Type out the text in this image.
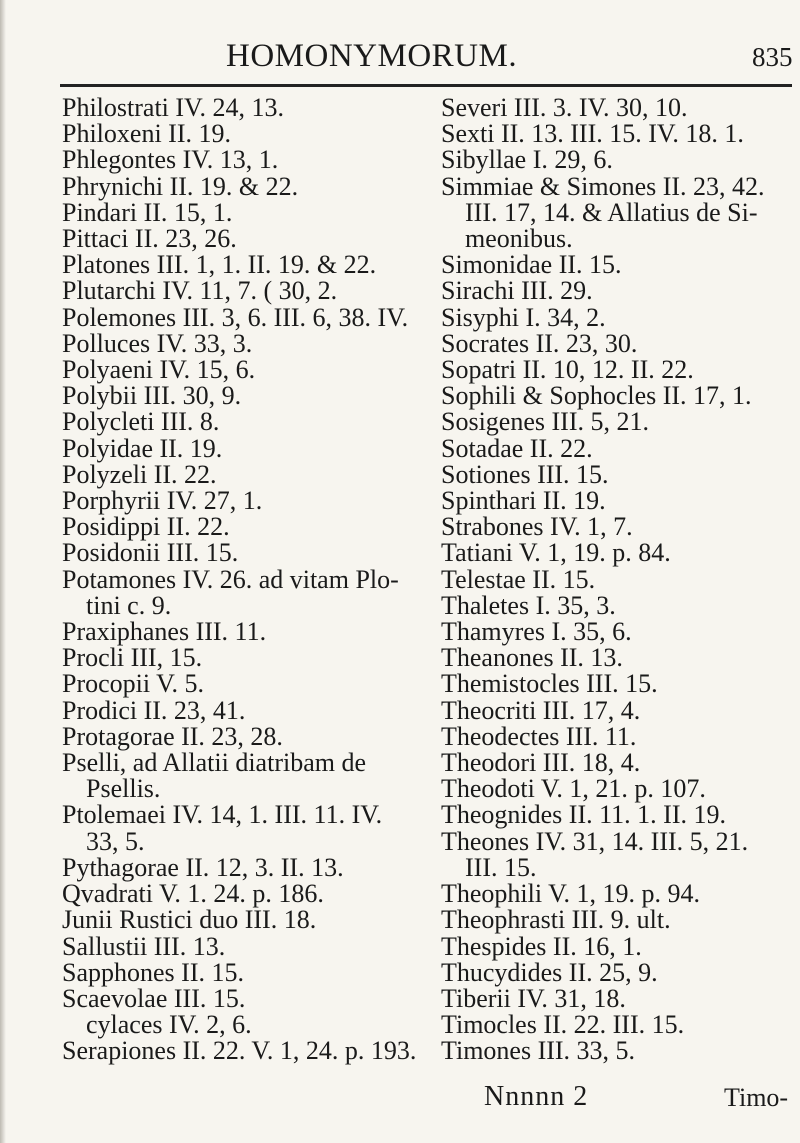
HOMONYMORUM.	835
Philostrati IV. 24, 13.
Philoxeni II. 19.
Phlegontes IV. 13, 1.
Phrynichi II. 19. & 22.
Pindari II. 15, 1.
Pittaci II. 23, 26.
Platones III. 1, 1. II. 19. & 22.
Plutarchi IV. 11, 7. ( 30, 2.
Polemones III. 3, 6. III. 6, 38. IV.
Polluces IV. 33, 3.
Polyaeni IV. 15, 6.
Polybii III. 30, 9.
Polycleti III. 8.
Polyidae II. 19.
Polyzeli II. 22.
Porphyrii IV. 27, 1.
Posidippi II. 22.
Posidonii III. 15.
Potamones IV. 26. ad vitam Plo-
tini c. 9.
Praxiphanes III. 11.
Procli III, 15.
Procopii V. 5.
Prodici II. 23, 41.
Protagorae II. 23, 28.
Pselli, ad Allatii diatribam de
Psellis.
Ptolemaei IV. 14, 1. III. 11. IV.
33, 5.
Pythagorae II. 12, 3. II. 13.
Qvadrati V. 1. 24. p. 186.
Junii Rustici duo III. 18.
Sallustii III. 13.
Sapphones II. 15.
Scaevolae III. 15.
cylaces IV. 2, 6.
Serapiones II. 22. V. 1, 24. p. 193.
Severi III. 3. IV. 30, 10.
Sexti II. 13. III. 15. IV. 18. 1.
Sibyllae I. 29, 6.
Simmiae & Simones II. 23, 42.
III. 17, 14. & Allatius de Si-
meonibus.
Simonidae II. 15.
Sirachi III. 29.
Sisyphi I. 34, 2.
Socrates II. 23, 30.
Sopatri II. 10, 12. II. 22.
Sophili & Sophocles II. 17, 1.
Sosigenes III. 5, 21.
Sotadae II. 22.
Sotiones III. 15.
Spinthari II. 19.
Strabones IV. 1, 7.
Tatiani V. 1, 19. p. 84.
Telestae II. 15.
Thaletes I. 35, 3.
Thamyres I. 35, 6.
Theanones II. 13.
Themistocles III. 15.
Theocriti III. 17, 4.
Theodectes III. 11.
Theodori III. 18, 4.
Theodoti V. 1, 21. p. 107.
Theognides II. 11. 1. II. 19.
Theones IV. 31, 14. III. 5, 21.
III. 15.
Theophili V. 1, 19. p. 94.
Theophrasti III. 9. ult.
Thespides II. 16, 1.
Thucydides II. 25, 9.
Tiberii IV. 31, 18.
Timocles II. 22. III. 15.
Timones III. 33, 5.
Nnnnn 2	Timo-
